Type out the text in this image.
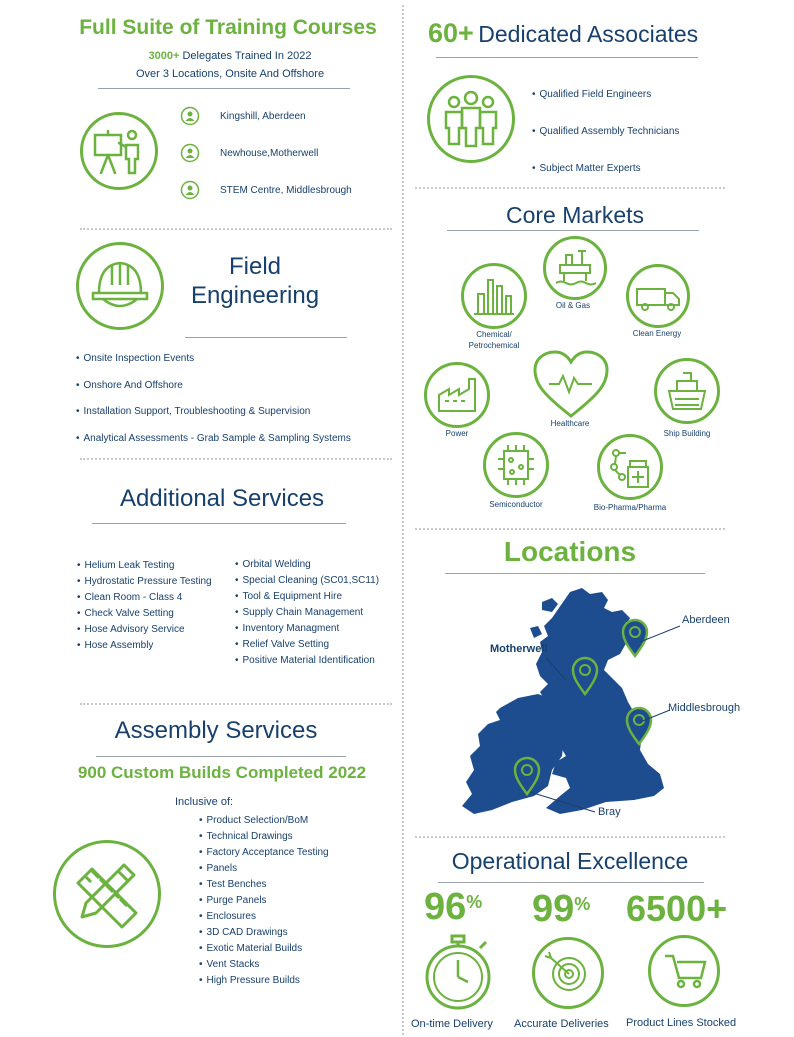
Full Suite of Training Courses
3000+ Delegates Trained In 2022
Over 3 Locations, Onsite And Offshore
Kingshill, Aberdeen
Newhouse,Motherwell
STEM Centre, Middlesbrough
60+ Dedicated Associates
• Qualified Field Engineers
• Qualified Assembly Technicians
• Subject Matter Experts
Field
Engineering
• Onsite Inspection Events
• Onshore And Offshore
• Installation Support, Troubleshooting & Supervision
• Analytical Assessments - Grab Sample & Sampling Systems
Core Markets
Chemical/
Petrochemical
Oil & Gas
Clean Energy
Power
Healthcare
Ship Building
Semiconductor	Bio-Pharma/Pharma
Additional Services
• Helium Leak Testing
• Hydrostatic Pressure Testing
• Clean Room - Class 4
• Check Valve Setting
• Hose Advisory Service
• Hose Assembly
• Orbital Welding
• Special Cleaning (SC01,SC11)
• Tool & Equipment Hire
• Supply Chain Management
• Inventory Managment
• Relief Valve Setting
• Positive Material Identification
Locations
Aberdeen
Motherwell
Middlesbrough
Bray
Assembly Services
900 Custom Builds Completed 2022
Inclusive of:
• Product Selection/BoM
• Technical Drawings
• Factory Acceptance Testing
• Panels
• Test Benches
• Purge Panels
• Enclosures
• 3D CAD Drawings
• Exotic Material Builds
• Vent Stacks
• High Pressure Builds
Operational Excellence
96% 99% 6500+
On-time Delivery Accurate Deliveries Product Lines Stocked
